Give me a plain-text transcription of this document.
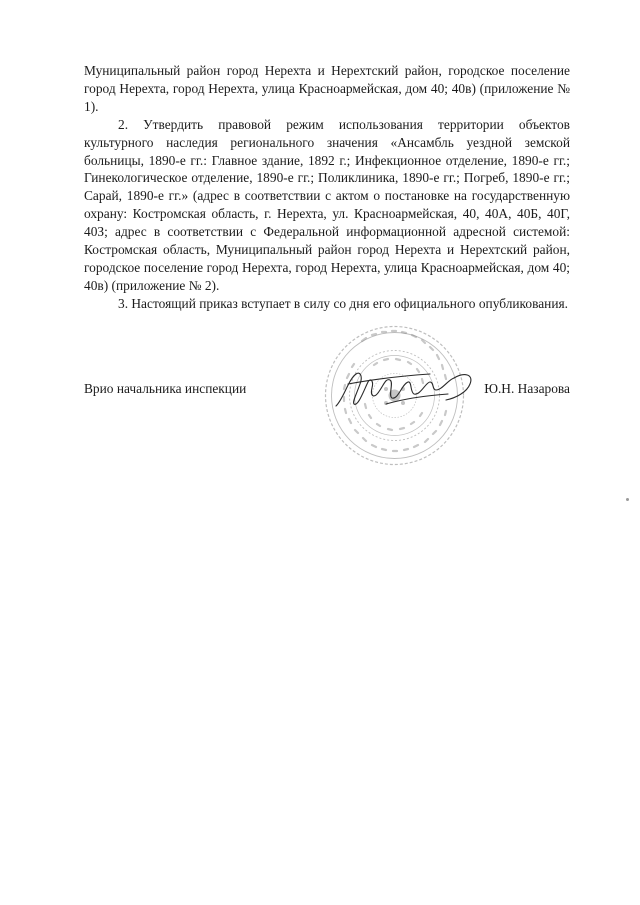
Муниципальный район город Нерехта и Нерехтский район, городское поселение город Нерехта, город Нерехта, улица Красноармейская, дом 40; 40в) (приложение № 1).

2. Утвердить правовой режим использования территории объектов культурного наследия регионального значения «Ансамбль уездной земской больницы, 1890-е гг.: Главное здание, 1892 г.; Инфекционное отделение, 1890-е гг.; Гинекологическое отделение, 1890-е гг.; Поликлиника, 1890-е гг.; Погреб, 1890-е гг.; Сарай, 1890-е гг.» (адрес в соответствии с актом о постановке на государственную охрану: Костромская область, г. Нерехта, ул. Красноармейская, 40, 40А, 40Б, 40Г, 40З; адрес в соответствии с Федеральной информационной адресной системой: Костромская область, Муниципальный район город Нерехта и Нерехтский район, городское поселение город Нерехта, город Нерехта, улица Красноармейская, дом 40; 40в) (приложение № 2).

3. Настоящий приказ вступает в силу со дня его официального опубликования.

Врио начальника инспекции	Ю.Н. Назарова
